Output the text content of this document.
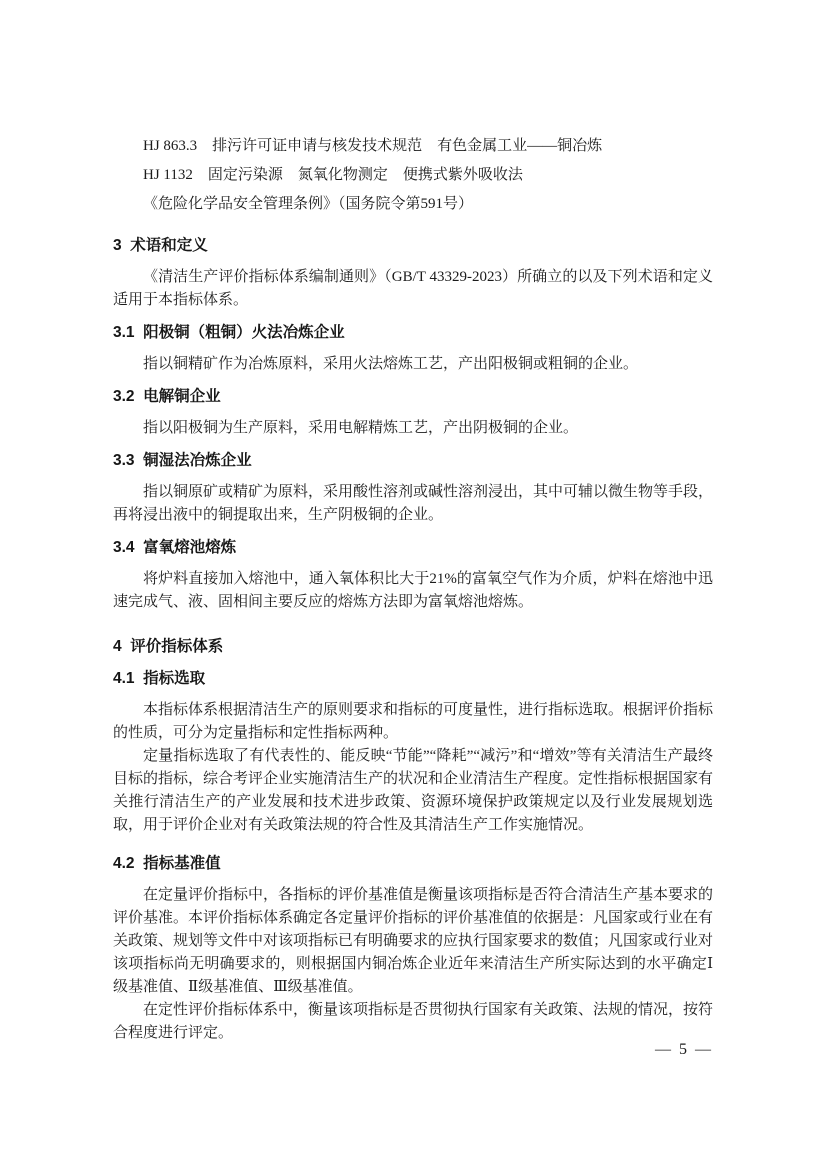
HJ 863.3　排污许可证申请与核发技术规范　有色金属工业——铜冶炼

HJ 1132　固定污染源　氮氧化物测定　便携式紫外吸收法

《危险化学品安全管理条例》（国务院令第591号）

3  术语和定义

《清洁生产评价指标体系编制通则》（GB/T 43329-2023）所确立的以及下列术语和定义适用于本指标体系。

3.1  阳极铜（粗铜）火法冶炼企业

指以铜精矿作为冶炼原料，采用火法熔炼工艺，产出阳极铜或粗铜的企业。

3.2  电解铜企业

指以阳极铜为生产原料，采用电解精炼工艺，产出阴极铜的企业。

3.3  铜湿法冶炼企业

指以铜原矿或精矿为原料，采用酸性溶剂或碱性溶剂浸出，其中可辅以微生物等手段，再将浸出液中的铜提取出来，生产阴极铜的企业。

3.4  富氧熔池熔炼

将炉料直接加入熔池中，通入氧体积比大于21%的富氧空气作为介质，炉料在熔池中迅速完成气、液、固相间主要反应的熔炼方法即为富氧熔池熔炼。

4  评价指标体系
4.1  指标选取

本指标体系根据清洁生产的原则要求和指标的可度量性，进行指标选取。根据评价指标的性质，可分为定量指标和定性指标两种。

定量指标选取了有代表性的、能反映“节能”“降耗”“减污”和“增效”等有关清洁生产最终目标的指标，综合考评企业实施清洁生产的状况和企业清洁生产程度。定性指标根据国家有关推行清洁生产的产业发展和技术进步政策、资源环境保护政策规定以及行业发展规划选取，用于评价企业对有关政策法规的符合性及其清洁生产工作实施情况。

4.2  指标基准值

在定量评价指标中，各指标的评价基准值是衡量该项指标是否符合清洁生产基本要求的评价基准。本评价指标体系确定各定量评价指标的评价基准值的依据是：凡国家或行业在有关政策、规划等文件中对该项指标已有明确要求的应执行国家要求的数值；凡国家或行业对该项指标尚无明确要求的，则根据国内铜冶炼企业近年来清洁生产所实际达到的水平确定Ⅰ级基准值、Ⅱ级基准值、Ⅲ级基准值。

在定性评价指标体系中，衡量该项指标是否贯彻执行国家有关政策、法规的情况，按符合程度进行评定。

— 5 —
